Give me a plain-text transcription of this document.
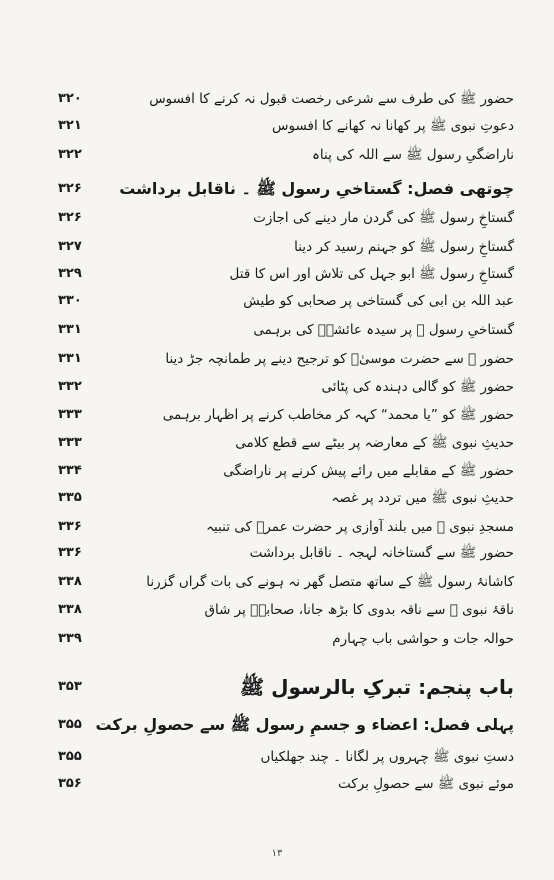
حضور ﷺ کی طرف سے شرعی رخصت قبول نہ کرنے کا افسوس
۳۲۰
دعوتِ نبوی ﷺ پر کھانا نہ کھانے کا افسوس
۳۲۱
ناراضگیِ رسول ﷺ سے اللہ کی پناہ
۳۲۲
چوتھی فصل: گستاخیِ رسول ﷺ ۔ ناقابل برداشت
۳۲۶
گستاخِ رسول ﷺ کی گردن مار دینے کی اجازت
۳۲۶
گستاخِ رسول ﷺ کو جہنم رسید کر دینا
۳۲۷
گستاخِ رسول ﷺ ابو جہل کی تلاش اور اس کا قتل
۳۲۹
عبد اللہ بن ابی کی گستاخی پر صحابی کو طیش
۳۳۰
گستاخیِ رسول ﷺ پر سیدہ عائشہؓ کی برہمی
۳۳۱
حضور ﷺ سے حضرت موسیٰؑ کو ترجیح دینے پر طمانچہ جڑ دینا
۳۳۱
حضور ﷺ کو گالی دہندہ کی پٹائی
۳۳۲
حضور ﷺ کو ”یا محمد“ کہہ کر مخاطب کرنے پر اظہار برہمی
۳۳۳
حدیثِ نبوی ﷺ کے معارضہ پر بیٹے سے قطع کلامی
۳۳۳
حضور ﷺ کے مقابلے میں رائے پیش کرنے پر ناراضگی
۳۳۴
حدیثِ نبوی ﷺ میں تردد پر غصہ
۳۳۵
مسجدِ نبوی ﷺ میں بلند آوازی پر حضرت عمرؓ کی تنبیہ
۳۳۶
حضور ﷺ سے گستاخانہ لہجہ ۔ ناقابل برداشت
۳۳۶
کاشانۂ رسول ﷺ کے ساتھ متصل گھر نہ ہونے کی بات گراں گزرنا
۳۳۸
ناقۂ نبوی ﷺ سے ناقہ بدوی کا بڑھ جانا، صحابہؓ پر شاق
۳۳۸
حوالہ جات و حواشی باب چہارم
۳۳۹
باب پنجم: تبرکِ بالرسول ﷺ
۳۵۳
پہلی فصل: اعضاء و جسمِ رسول ﷺ سے حصولِ برکت
۳۵۵
دستِ نبوی ﷺ چہروں پر لگانا ۔ چند جھلکیاں
۳۵۵
موئے نبوی ﷺ سے حصولِ برکت
۳۵۶
۱۳
